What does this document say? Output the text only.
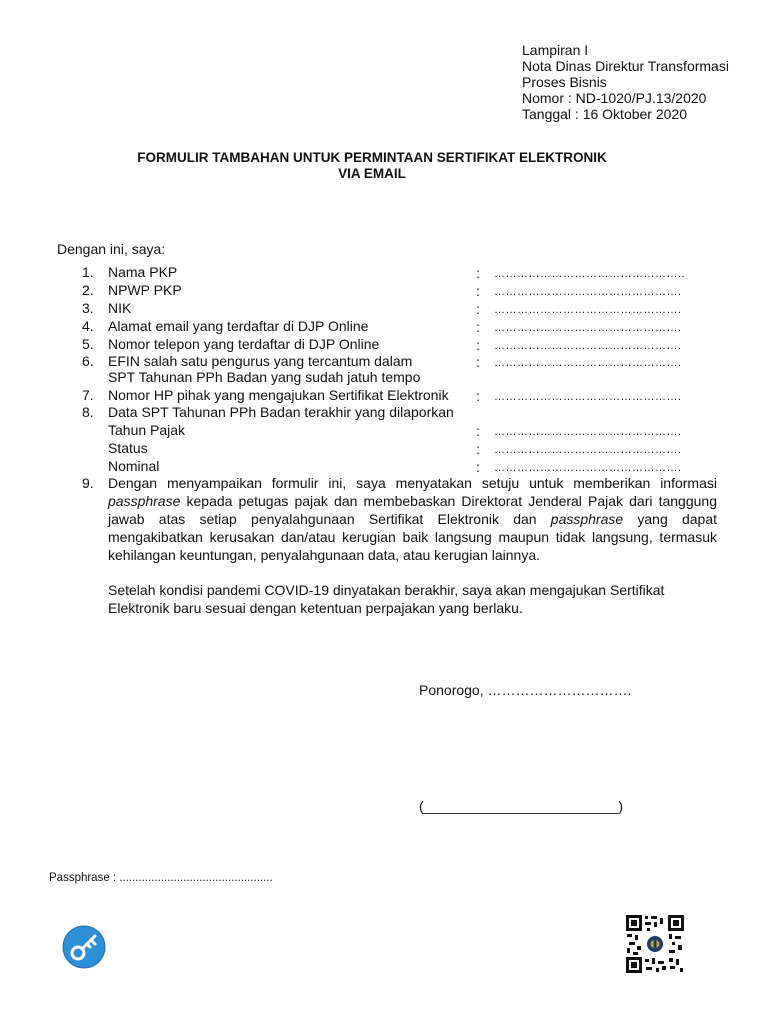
Lampiran I
Nota Dinas Direktur Transformasi
Proses Bisnis
Nomor : ND-1020/PJ.13/2020
Tanggal : 16 Oktober 2020
FORMULIR TAMBAHAN UNTUK PERMINTAAN SERTIFIKAT ELEKTRONIK
VIA EMAIL
Dengan ini, saya:
1. Nama PKP	: …………………………………………..
2. NPWP PKP	: ………………………………………….
3. NIK	: ………………………………………….
4. Alamat email yang terdaftar di DJP Online	: ………………………………………….
5. Nomor telepon yang terdaftar di DJP Online	: ………………………………………….
6. EFIN salah satu pengurus yang tercantum dalam
SPT Tahunan PPh Badan yang sudah jatuh tempo
: ………………………………………….
7. Nomor HP pihak yang mengajukan Sertifikat Elektronik : ………………………………………….
8. Data SPT Tahunan PPh Badan terakhir yang dilaporkan
Tahun Pajak	: ………………………………………….
Status	: ………………………………………….
Nominal	: ………………………………………….
9.	Dengan menyampaikan formulir ini, saya menyatakan setuju untuk memberikan informasi passphrase kepada petugas pajak dan membebaskan Direktorat Jenderal Pajak dari tanggung jawab atas setiap penyalahgunaan Sertifikat Elektronik dan passphrase yang dapat mengakibatkan kerusakan dan/atau kerugian baik langsung maupun tidak langsung, termasuk kehilangan keuntungan, penyalahgunaan data, atau kerugian lainnya.
Setelah kondisi pandemi COVID-19 dinyatakan berakhir, saya akan mengajukan Sertifikat Elektronik baru sesuai dengan ketentuan perpajakan yang berlaku.
Ponorogo, ………………………….
(_________________________)
Passphrase : ................................................
